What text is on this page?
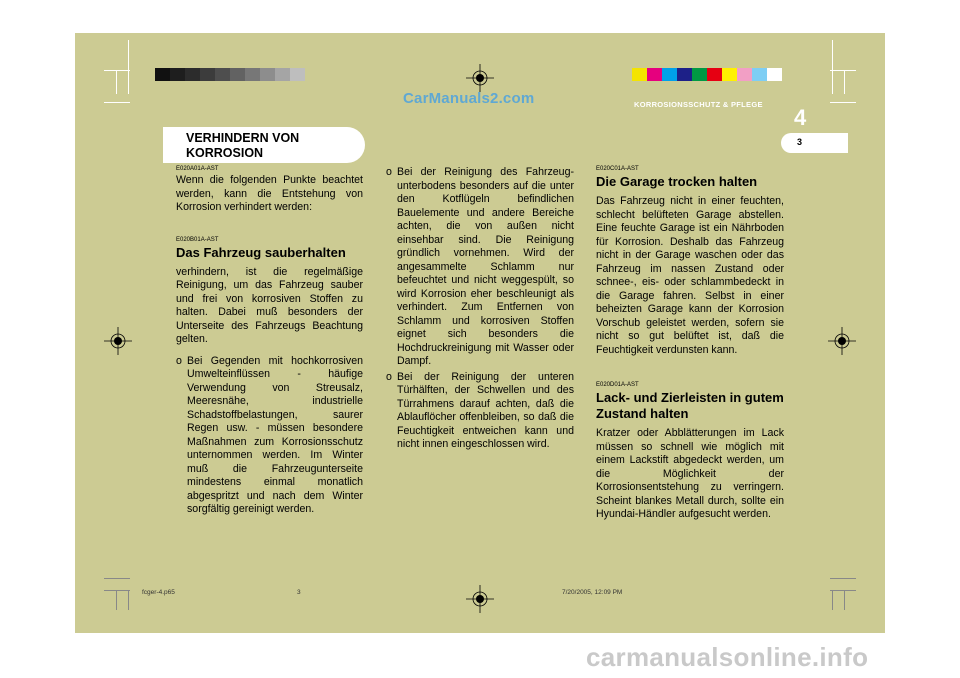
CarManuals2.com	KORROSIONSSCHUTZ & PFLEGE
4
3
VERHINDERN VON
KORROSION
E020A01A-AST
Wenn die folgenden Punkte beachtet werden, kann die Entstehung von Korrosion verhindert werden:
E020B01A-AST
Das Fahrzeug sauberhalten
verhindern, ist die regelmäßige Reinigung, um das Fahrzeug sauber und frei von korrosiven Stoffen zu halten. Dabei muß besonders der Unterseite des Fahrzeugs Beachtung gelten.
o Bei Gegenden mit hochkorrosiven Umwelteinflüssen - häufige Verwendung von Streusalz, Meeresnähe, industrielle Schadstoffbelastungen, saurer Regen usw. - müssen besondere Maßnahmen zum Korrosionsschutz unternommen werden. Im Winter muß die Fahrzeugunterseite mindestens einmal monatlich abgespritzt und nach dem Winter sorgfältig gereinigt werden.
o Bei der Reinigung des Fahrzeug-unterbodens besonders auf die unter den Kotflügeln befindlichen Bauelemente und andere Bereiche achten, die von außen nicht einsehbar sind. Die Reinigung gründlich vornehmen. Wird der angesammelte Schlamm nur befeuchtet und nicht weggespült, so wird Korrosion eher beschleunigt als verhindert. Zum Entfernen von Schlamm und korrosiven Stoffen eignet sich besonders die Hochdruckreinigung mit Wasser oder Dampf.
o Bei der Reinigung der unteren Türhälften, der Schwellen und des Türrahmens darauf achten, daß die Ablauflöcher offenbleiben, so daß die Feuchtigkeit entweichen kann und nicht innen eingeschlossen wird.
E020C01A-AST
Die Garage trocken halten
Das Fahrzeug nicht in einer feuchten, schlecht belüfteten Garage abstellen. Eine feuchte Garage ist ein Nährboden für Korrosion. Deshalb das Fahrzeug nicht in der Garage waschen oder das Fahrzeug im nassen Zustand oder schnee-, eis- oder schlammbedeckt in die Garage fahren. Selbst in einer beheizten Garage kann der Korrosion Vorschub geleistet werden, sofern sie nicht so gut belüftet ist, daß die Feuchtigkeit verdunsten kann.
E020D01A-AST
Lack- und Zierleisten in gutem Zustand halten
Kratzer oder Abblätterungen im Lack müssen so schnell wie möglich mit einem Lackstift abgedeckt werden, um die Möglichkeit der Korrosionsentstehung zu verringern. Scheint blankes Metall durch, sollte ein Hyundai-Händler aufgesucht werden.
fcger-4.p65	3	7/20/2005, 12:09 PM
carmanualsonline.info
